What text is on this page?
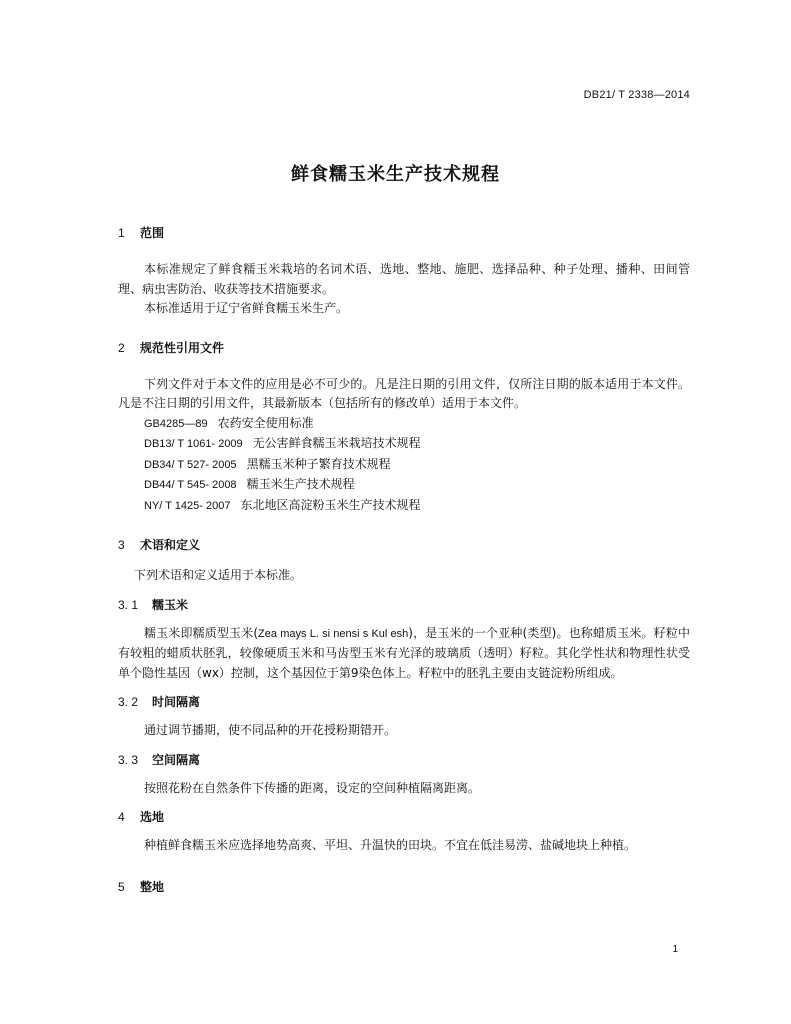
DB21/ T 2338—2014
鲜食糯玉米生产技术规程
1	范围

本标准规定了鲜食糯玉米栽培的名词术语、选地、整地、施肥、选择品种、种子处理、播种、田间管理、病虫害防治、收获等技术措施要求。

本标准适用于辽宁省鲜食糯玉米生产。

2	规范性引用文件

下列文件对于本文件的应用是必不可少的。凡是注日期的引用文件，仅所注日期的版本适用于本文件。凡是不注日期的引用文件，其最新版本（包括所有的修改单）适用于本文件。

GB4285—89 农药安全使用标准
DB13/ T 1061- 2009 无公害鲜食糯玉米栽培技术规程
DB34/ T 527- 2005 黑糯玉米种子繁育技术规程
DB44/ T 545- 2008 糯玉米生产技术规程
NY/ T 1425- 2007 东北地区高淀粉玉米生产技术规程
3	术语和定义

下列术语和定义适用于本标准。

3. 1	糯玉米

糯玉米即糯质型玉米(Zea mays L. si nensi s Kul esh)，是玉米的一个亚种(类型)。也称蜡质玉米。籽粒中有较粗的蜡质状胚乳，较像硬质玉米和马齿型玉米有光泽的玻璃质（透明）籽粒。其化学性状和物理性状受单个隐性基因（wx）控制，这个基因位于第9染色体上。籽粒中的胚乳主要由支链淀粉所组成。

3. 2	时间隔离

通过调节播期，使不同品种的开花授粉期错开。

3. 3	空间隔离

按照花粉在自然条件下传播的距离，设定的空间种植隔离距离。

4	选地

种植鲜食糯玉米应选择地势高爽、平坦、升温快的田块。不宜在低洼易涝、盐碱地块上种植。

5	整地
1
